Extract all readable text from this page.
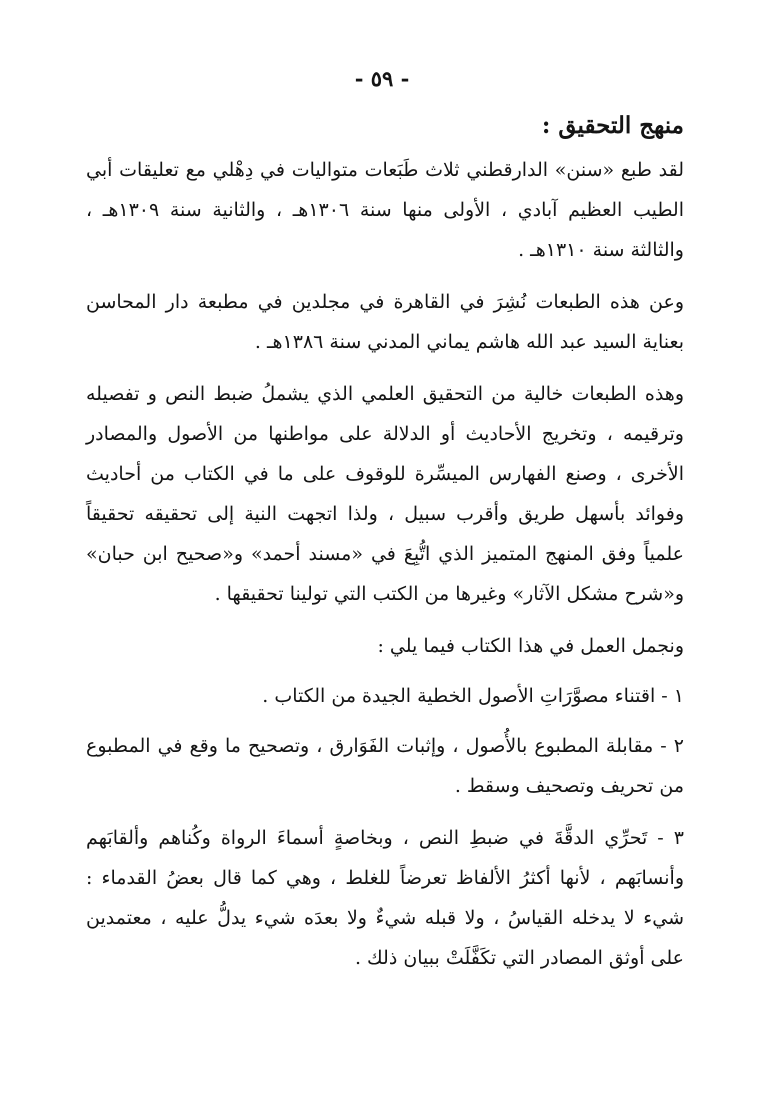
- ٥٩ -
منهج التحقيق :

لقد طبع «سنن» الدارقطني ثلاث طَبَعات متواليات في دِهْلي مع تعليقات أبي الطيب العظيم آبادي ، الأولى منها سنة ١٣٠٦هـ ، والثانية سنة ١٣٠٩هـ ، والثالثة سنة ١٣١٠هـ .

وعن هذه الطبعات نُشِرَ في القاهرة في مجلدين في مطبعة دار المحاسن بعناية السيد عبد الله هاشم يماني المدني سنة ١٣٨٦هـ .

وهذه الطبعات خالية من التحقيق العلمي الذي يشملُ ضبط النص و تفصيله وترقيمه ، وتخريج الأحاديث أو الدلالة على مواطنها من الأصول والمصادر الأخرى ، وصنع الفهارس الميسِّرة للوقوف على ما في الكتاب من أحاديث وفوائد بأسهل طريق وأقرب سبيل ، ولذا اتجهت النية إلى تحقيقه تحقيقاً علمياً وفق المنهج المتميز الذي اتُّبِعَ في «مسند أحمد» و«صحيح ابن حبان» و«شرح مشكل الآثار» وغيرها من الكتب التي تولينا تحقيقها .

ونجمل العمل في هذا الكتاب فيما يلي :

١ - اقتناء مصوَّرَاتِ الأصول الخطية الجيدة من الكتاب .

٢ - مقابلة المطبوع بالأُصول ، وإثبات الفَوَارق ، وتصحيح ما وقع في المطبوع من تحريف وتصحيف وسقط .

٣ - تَحرِّي الدقَّةَ في ضبطِ النص ، وبخاصةٍ أسماءَ الرواة وكُناهم وألقابَهم وأنسابَهم ، لأنها أكثرُ الألفاظ تعرضاً للغلط ، وهي كما قال بعضُ القدماء : شيء لا يدخله القياسُ ، ولا قبله شيءٌ ولا بعدَه شيء يدلُّ عليه ، معتمدين على أوثق المصادر التي تكَفَّلَتْ ببيان ذلك .
